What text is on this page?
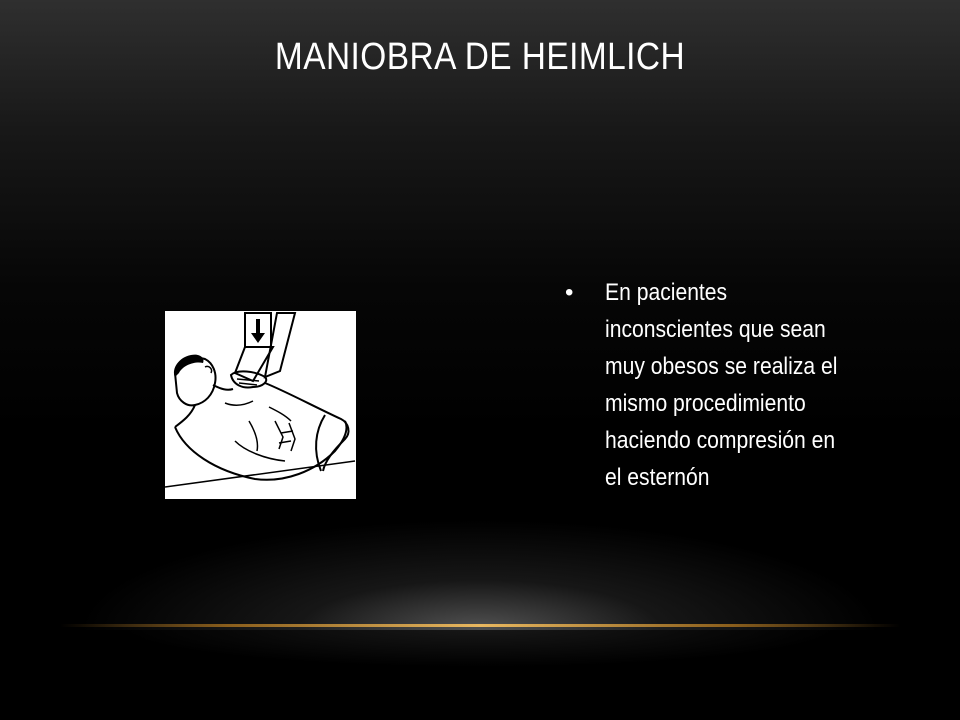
MANIOBRA DE HEIMLICH
• En pacientes
inconscientes que sean
muy obesos se realiza el
mismo procedimiento
haciendo compresión en
el esternón
